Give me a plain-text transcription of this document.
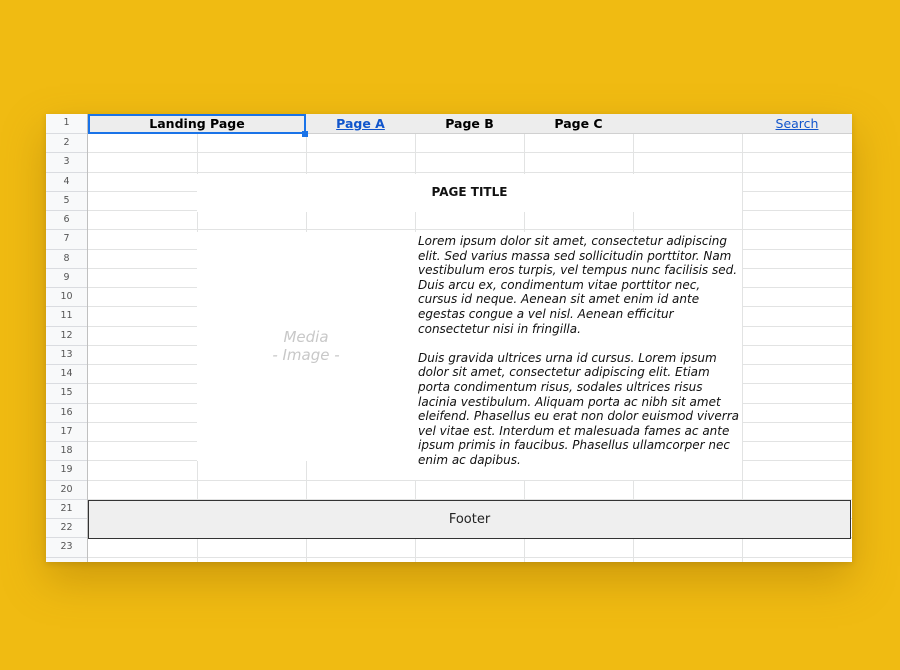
1
2
3
4
5
6
7
8
9
10
11
12
13
14
15
16
17
18
19
20
21
22
23
Landing Page	Page A	Page B	Page C	Search
PAGE TITLE
Media
- Image -
Lorem ipsum dolor sit amet, consectetur adipiscing elit. Sed varius massa sed sollicitudin porttitor. Nam vestibulum eros turpis, vel tempus nunc facilisis sed. Duis arcu ex, condimentum vitae porttitor nec, cursus id neque. Aenean sit amet enim id ante egestas congue a vel nisl. Aenean efficitur consectetur nisi in fringilla.
Duis gravida ultrices urna id cursus. Lorem ipsum dolor sit amet, consectetur adipiscing elit. Etiam porta condimentum risus, sodales ultrices risus lacinia vestibulum. Aliquam porta ac nibh sit amet eleifend. Phasellus eu erat non dolor euismod viverra vel vitae est. Interdum et malesuada fames ac ante ipsum primis in faucibus. Phasellus ullamcorper nec enim ac dapibus.
Footer
